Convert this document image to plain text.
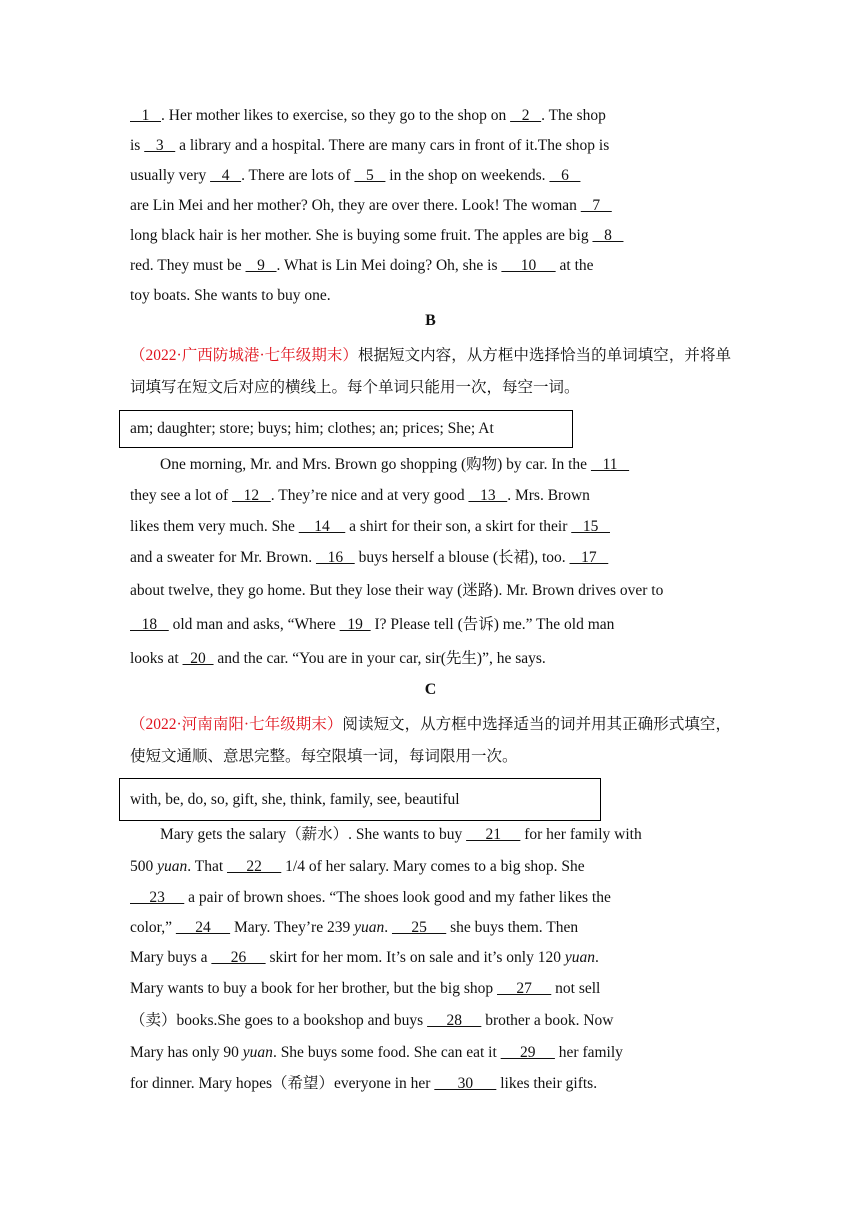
1   . Her mother likes to exercise, so they go to the shop on    2   . The shop
is    3    a library and a hospital. There are many cars in front of it.The shop is
usually very    4   . There are lots of    5    in the shop on weekends.    6
are Lin Mei and her mother? Oh, they are over there. Look! The woman    7
long black hair is her mother. She is buying some fruit. The apples are big    8
red. They must be    9   . What is Lin Mei doing? Oh, she is      10      at the
toy boats. She wants to buy one.
B
（2022·广西防城港·七年级期末）根据短文内容，从方框中选择恰当的单词填空，并将单词填写在短文后对应的横线上。每个单词只能用一次，每空一词。
am; daughter; store; buys; him; clothes; an; prices; She; At
One morning, Mr. and Mrs. Brown go shopping (购物) by car. In the    11
they see a lot of    12   . They’re nice and at very good    13   . Mrs. Brown
likes them very much. She     14     a shirt for their son, a skirt for their    15
and a sweater for Mr. Brown.    16    buys herself a blouse (长裙), too.    17
about twelve, they go home. But they lose their way (迷路). Mr. Brown drives over to
18    old man and asks, “Where   19   I? Please tell (告诉) me.” The old man
looks at   20   and the car. “You are in your car, sir(先生)”, he says.
C
（2022·河南南阳·七年级期末）阅读短文，从方框中选择适当的词并用其正确形式填空，使短文通顺、意思完整。每空限填一词，每词限用一次。
with, be, do, so, gift, she, think, family, see, beautiful
Mary gets the salary（薪水）. She wants to buy      21      for her family with
500 yuan. That      22      1/4 of her salary. Mary comes to a big shop. She
23      a pair of brown shoes. “The shoes look good and my father likes the
color,”      24      Mary. They’re 239 yuan.      25      she buys them. Then
Mary buys a      26      skirt for her mom. It’s on sale and it’s only 120 yuan.
Mary wants to buy a book for her brother, but the big shop      27      not sell
（卖）books.She goes to a bookshop and buys      28      brother a book. Now
Mary has only 90 yuan. She buys some food. She can eat it      29      her family
for dinner. Mary hopes（希望）everyone in her       30       likes their gifts.
